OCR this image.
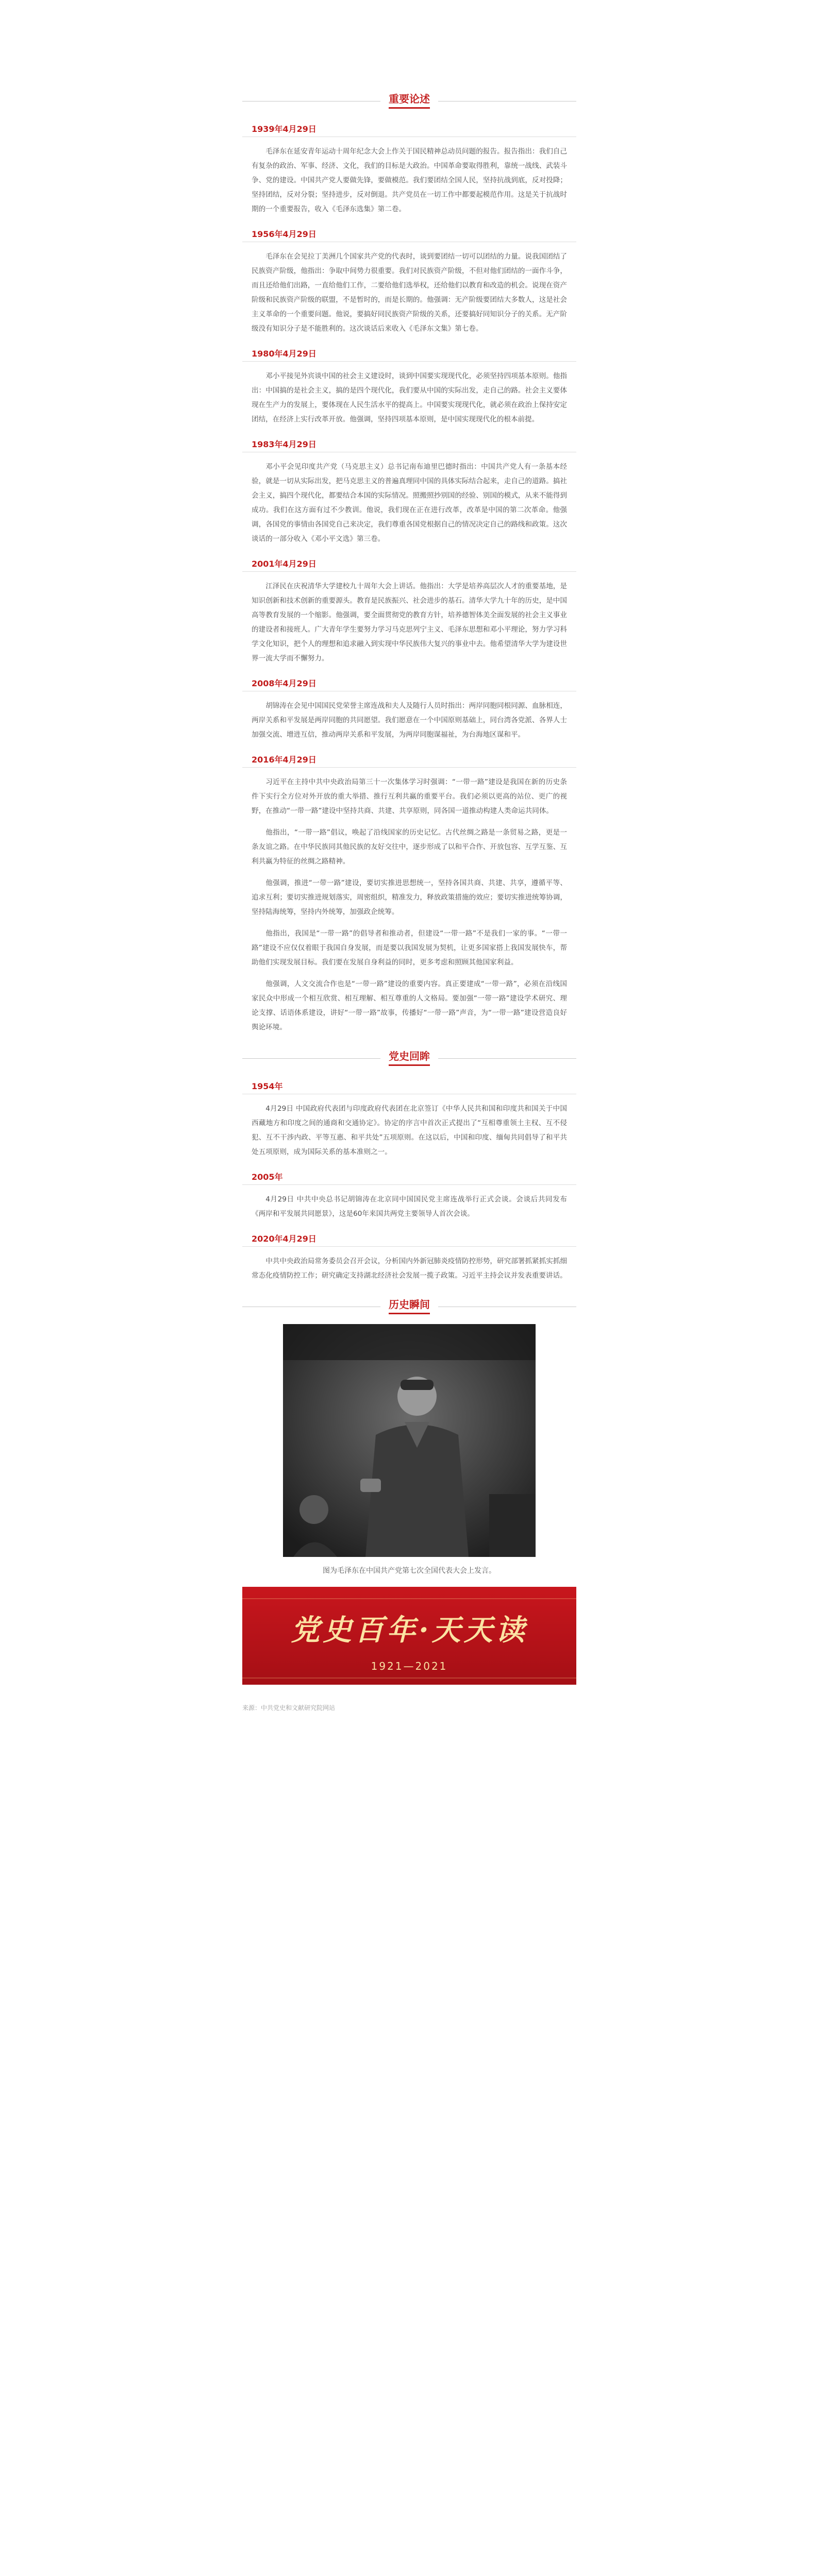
重要论述
1939年4月29日

毛泽东在延安青年运动十周年纪念大会上作关于国民精神总动员问题的报告。报告指出：我们自己有复杂的政治、军事、经济、文化，我们的目标是大政治。中国革命要取得胜利，靠统一战线、武装斗争、党的建设。中国共产党人要做先锋，要做模范。我们要团结全国人民，坚持抗战到底，反对投降；坚持团结，反对分裂；坚持进步，反对倒退。共产党员在一切工作中都要起模范作用。这是关于抗战时期的一个重要报告，收入《毛泽东选集》第二卷。

1956年4月29日

毛泽东在会见拉丁美洲几个国家共产党的代表时，谈到要团结一切可以团结的力量。说我国团结了民族资产阶级，他指出：争取中间势力很重要。我们对民族资产阶级，不但对他们团结的一面作斗争，而且还给他们出路，一直给他们工作，二要给他们选举权，还给他们以教育和改造的机会。说现在资产阶级和民族资产阶级的联盟，不是暂时的，而是长期的。他强调：无产阶级要团结大多数人，这是社会主义革命的一个重要问题。他说，要搞好同民族资产阶级的关系，还要搞好同知识分子的关系。无产阶级没有知识分子是不能胜利的。这次谈话后来收入《毛泽东文集》第七卷。

1980年4月29日

邓小平接见外宾谈中国的社会主义建设时，谈到中国要实现现代化，必须坚持四项基本原则。他指出：中国搞的是社会主义，搞的是四个现代化，我们要从中国的实际出发，走自己的路。社会主义要体现在生产力的发展上，要体现在人民生活水平的提高上。中国要实现现代化，就必须在政治上保持安定团结，在经济上实行改革开放。他强调，坚持四项基本原则，是中国实现现代化的根本前提。

1983年4月29日

邓小平会见印度共产党（马克思主义）总书记南布迪里巴德时指出：中国共产党人有一条基本经验，就是一切从实际出发，把马克思主义的普遍真理同中国的具体实际结合起来，走自己的道路。搞社会主义，搞四个现代化，都要结合本国的实际情况。照搬照抄别国的经验、别国的模式，从来不能得到成功。我们在这方面有过不少教训。他说，我们现在正在进行改革，改革是中国的第二次革命。他强调，各国党的事情由各国党自己来决定，我们尊重各国党根据自己的情况决定自己的路线和政策。这次谈话的一部分收入《邓小平文选》第三卷。

2001年4月29日

江泽民在庆祝清华大学建校九十周年大会上讲话。他指出：大学是培养高层次人才的重要基地，是知识创新和技术创新的重要源头。教育是民族振兴、社会进步的基石。清华大学九十年的历史，是中国高等教育发展的一个缩影。他强调，要全面贯彻党的教育方针，培养德智体美全面发展的社会主义事业的建设者和接班人。广大青年学生要努力学习马克思列宁主义、毛泽东思想和邓小平理论，努力学习科学文化知识，把个人的理想和追求融入到实现中华民族伟大复兴的事业中去。他希望清华大学为建设世界一流大学而不懈努力。

2008年4月29日

胡锦涛在会见中国国民党荣誉主席连战和夫人及随行人员时指出：两岸同胞同根同源、血脉相连，两岸关系和平发展是两岸同胞的共同愿望。我们愿意在一个中国原则基础上，同台湾各党派、各界人士加强交流、增进互信，推动两岸关系和平发展，为两岸同胞谋福祉，为台海地区谋和平。

2016年4月29日

习近平在主持中共中央政治局第三十一次集体学习时强调：“一带一路”建设是我国在新的历史条件下实行全方位对外开放的重大举措、推行互利共赢的重要平台。我们必须以更高的站位、更广的视野，在推动“一带一路”建设中坚持共商、共建、共享原则，同各国一道推动构建人类命运共同体。

他指出，“一带一路”倡议，唤起了沿线国家的历史记忆。古代丝绸之路是一条贸易之路，更是一条友谊之路。在中华民族同其他民族的友好交往中，逐步形成了以和平合作、开放包容、互学互鉴、互利共赢为特征的丝绸之路精神。

他强调，推进“一带一路”建设，要切实推进思想统一，坚持各国共商、共建、共享，遵循平等、追求互利；要切实推进规划落实，周密组织，精准发力，释放政策措施的效应；要切实推进统筹协调，坚持陆海统筹，坚持内外统筹，加强政企统筹。

他指出，我国是“一带一路”的倡导者和推动者，但建设“一带一路”不是我们一家的事。“一带一路”建设不应仅仅着眼于我国自身发展，而是要以我国发展为契机，让更多国家搭上我国发展快车，帮助他们实现发展目标。我们要在发展自身利益的同时，更多考虑和照顾其他国家利益。

他强调，人文交流合作也是“一带一路”建设的重要内容。真正要建成“一带一路”，必须在沿线国家民众中形成一个相互欣赏、相互理解、相互尊重的人文格局。要加强“一带一路”建设学术研究、理论支撑、话语体系建设，讲好“一带一路”故事，传播好“一带一路”声音，为“一带一路”建设营造良好舆论环境。

党史回眸
1954年

4月29日 中国政府代表团与印度政府代表团在北京签订《中华人民共和国和印度共和国关于中国西藏地方和印度之间的通商和交通协定》。协定的序言中首次正式提出了“互相尊重领土主权、互不侵犯、互不干涉内政、平等互惠、和平共处”五项原则。在这以后，中国和印度、缅甸共同倡导了和平共处五项原则，成为国际关系的基本准则之一。

2005年

4月29日 中共中央总书记胡锦涛在北京同中国国民党主席连战举行正式会谈。会谈后共同发布《两岸和平发展共同愿景》，这是60年来国共两党主要领导人首次会谈。

2020年4月29日

中共中央政治局常务委员会召开会议，分析国内外新冠肺炎疫情防控形势，研究部署抓紧抓实抓细常态化疫情防控工作；研究确定支持湖北经济社会发展一揽子政策。习近平主持会议并发表重要讲话。

历史瞬间
图为毛泽东在中国共产党第七次全国代表大会上发言。
党史百年·天天读
1921—2021
来源：中共党史和文献研究院网站
